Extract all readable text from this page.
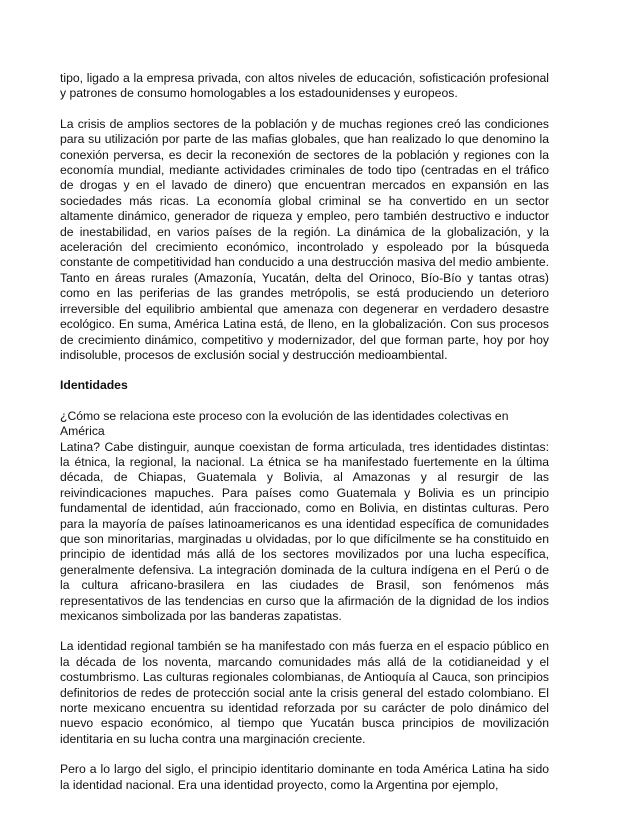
tipo, ligado a la empresa privada, con altos niveles de educación, sofisticación profesional y patrones de consumo homologables a los estadounidenses y europeos.

La crisis de amplios sectores de la población y de muchas regiones creó las condiciones para su utilización por parte de las mafias globales, que han realizado lo que denomino la conexión perversa, es decir la reconexión de sectores de la población y regiones con la economía mundial, mediante actividades criminales de todo tipo (centradas en el tráfico de drogas y en el lavado de dinero) que encuentran mercados en expansión en las sociedades más ricas. La economía global criminal se ha convertido en un sector altamente dinámico, generador de riqueza y empleo, pero también destructivo e inductor de inestabilidad, en varios países de la región. La dinámica de la globalización, y la aceleración del crecimiento económico, incontrolado y espoleado por la búsqueda constante de competitividad han conducido a una destrucción masiva del medio ambiente. Tanto en áreas rurales (Amazonía, Yucatán, delta del Orinoco, Bío-Bío y tantas otras) como en las periferias de las grandes metrópolis, se está produciendo un deterioro irreversible del equilibrio ambiental que amenaza con degenerar en verdadero desastre ecológico. En suma, América Latina está, de lleno, en la globalización. Con sus procesos de crecimiento dinámico, competitivo y modernizador, del que forman parte, hoy por hoy indisoluble, procesos de exclusión social y destrucción medioambiental.

Identidades

¿Cómo se relaciona este proceso con la evolución de las identidades colectivas en
América
Latina? Cabe distinguir, aunque coexistan de forma articulada, tres identidades distintas: la étnica, la regional, la nacional. La étnica se ha manifestado fuertemente en la última década, de Chiapas, Guatemala y Bolivia, al Amazonas y al resurgir de las reivindicaciones mapuches. Para países como Guatemala y Bolivia es un principio fundamental de identidad, aún fraccionado, como en Bolivia, en distintas culturas. Pero para la mayoría de países latinoamericanos es una identidad específica de comunidades que son minoritarias, marginadas u olvidadas, por lo que difícilmente se ha constituido en principio de identidad más allá de los sectores movilizados por una lucha específica, generalmente defensiva. La integración dominada de la cultura indígena en el Perú o de la cultura africano-brasilera en las ciudades de Brasil, son fenómenos más representativos de las tendencias en curso que la afirmación de la dignidad de los indios mexicanos simbolizada por las banderas zapatistas.

La identidad regional también se ha manifestado con más fuerza en el espacio público en la década de los noventa, marcando comunidades más allá de la cotidianeidad y el costumbrismo. Las culturas regionales colombianas, de Antioquía al Cauca, son principios definitorios de redes de protección social ante la crisis general del estado colombiano. El norte mexicano encuentra su identidad reforzada por su carácter de polo dinámico del nuevo espacio económico, al tiempo que Yucatán busca principios de movilización identitaria en su lucha contra una marginación creciente.

Pero a lo largo del siglo, el principio identitario dominante en toda América Latina ha sido la identidad nacional. Era una identidad proyecto, como la Argentina por ejemplo,
